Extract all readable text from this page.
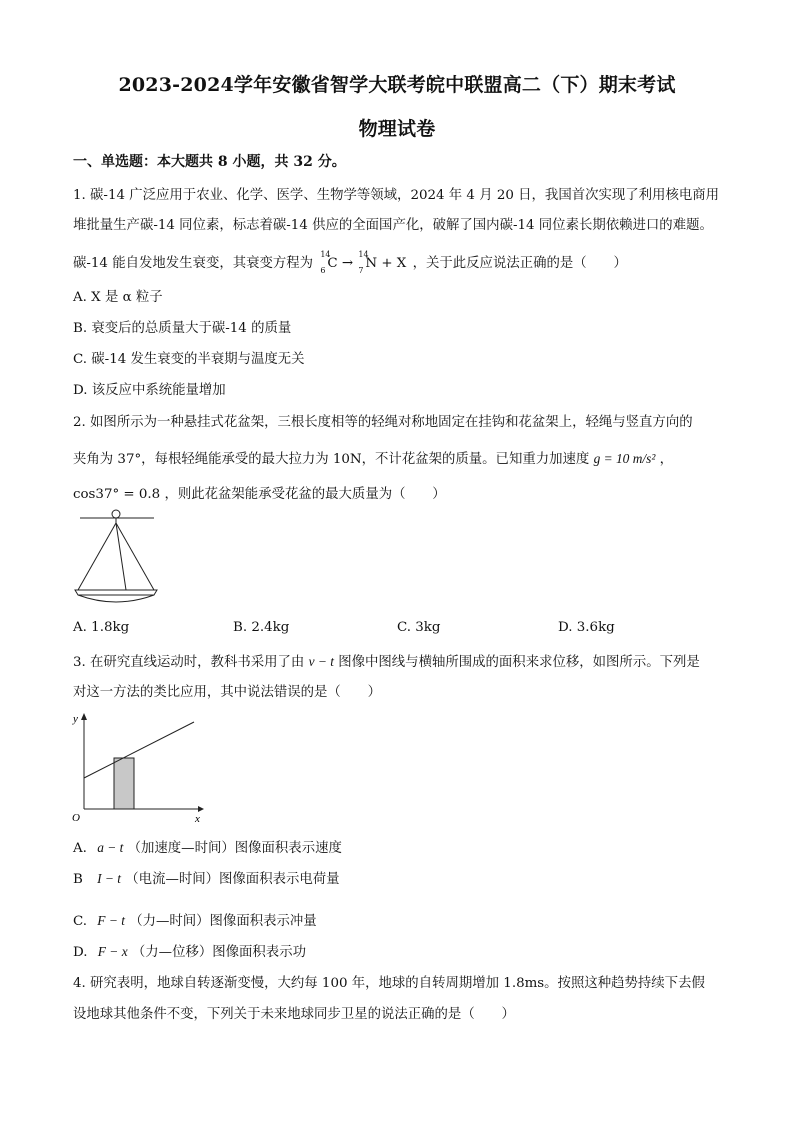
2023-2024学年安徽省智学大联考皖中联盟高二（下）期末考试
物理试卷
一、单选题：本大题共 8 小题，共 32 分。
1. 碳-14 广泛应用于农业、化学、医学、生物学等领域，2024 年 4 月 20 日，我国首次实现了利用核电商用
堆批量生产碳-14 同位素，标志着碳-14 供应的全面国产化，破解了国内碳-14 同位素长期依赖进口的难题。
碳-14 能自发地发生衰变，其衰变方程为
14
6 C →
14
7 N + X ，关于此反应说法正确的是（　　）
A. X 是 α 粒子
B. 衰变后的总质量大于碳-14 的质量
C. 碳-14 发生衰变的半衰期与温度无关
D. 该反应中系统能量增加
2. 如图所示为一种悬挂式花盆架，三根长度相等的轻绳对称地固定在挂钩和花盆架上，轻绳与竖直方向的
夹角为 37°，每根轻绳能承受的最大拉力为 10N，不计花盆架的质量。已知重力加速度 g = 10 m/s² ，
cos37° = 0.8 ，则此花盆架能承受花盆的最大质量为（　　）
A. 1.8kg	B. 2.4kg	C. 3kg	D. 3.6kg
3. 在研究直线运动时，教科书采用了由 v − t 图像中图线与横轴所围成的面积来求位移，如图所示。下列是
对这一方法的类比应用，其中说法错误的是（　　）
y
x
O
A. a − t （加速度—时间）图像面积表示速度
B I − t （电流—时间）图像面积表示电荷量
C. F − t （力—时间）图像面积表示冲量
D. F − x （力—位移）图像面积表示功
4. 研究表明，地球自转逐渐变慢，大约每 100 年，地球的自转周期增加 1.8ms。按照这种趋势持续下去假
设地球其他条件不变，下列关于未来地球同步卫星的说法正确的是（　　）
